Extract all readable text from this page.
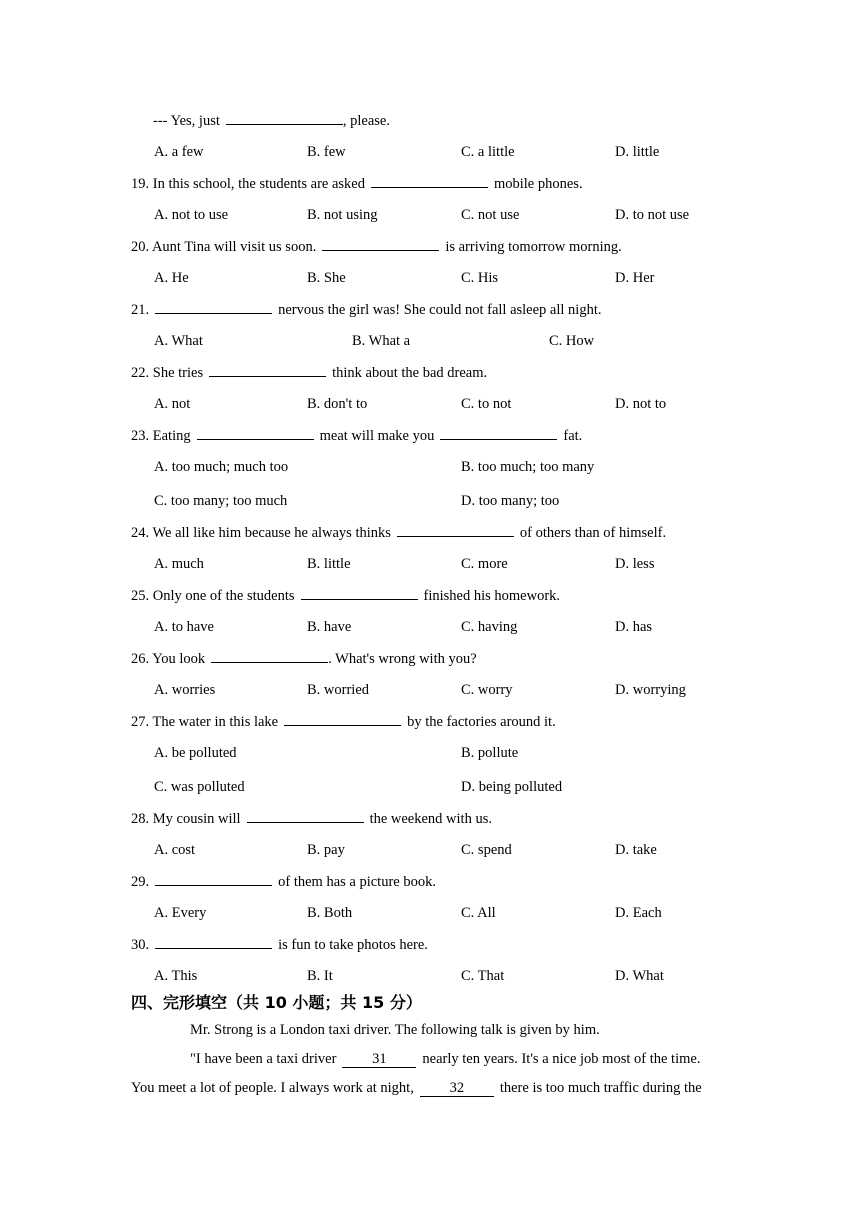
--- Yes, just	, please.
A. a few	B. few	C. a little	D. little
19. In this school, the students are asked	mobile phones.
A. not to use	B. not using	C. not use	D. to not use
20. Aunt Tina will visit us soon.	is arriving tomorrow morning.
A. He	B. She	C. His	D. Her
21.	nervous the girl was! She could not fall asleep all night.
A. What	B. What a	C. How
22. She tries	think about the bad dream.
A. not	B. don't to	C. to not	D. not to
23. Eating	meat will make you	fat.
A. too much; much too	B. too much; too many
C. too many; too much	D. too many; too
24. We all like him because he always thinks	of others than of himself.
A. much	B. little	C. more	D. less
25. Only one of the students	finished his homework.
A. to have	B. have	C. having	D. has
26. You look	. What's wrong with you?
A. worries	B. worried	C. worry	D. worrying
27. The water in this lake	by the factories around it.
A. be polluted	B. pollute
C. was polluted	D. being polluted
28. My cousin will	the weekend with us.
A. cost	B. pay	C. spend	D. take
29.	of them has a picture book.
A. Every	B. Both	C. All	D. Each
30.	is fun to take photos here.
A. This	B. It	C. That	D. What
四、完形填空（共 10 小题；共 15 分）
Mr. Strong is a London taxi driver. The following talk is given by him.
"I have been a taxi driver 31 nearly ten years. It's a nice job most of the time.
You meet a lot of people. I always work at night, 32 there is too much traffic during the
